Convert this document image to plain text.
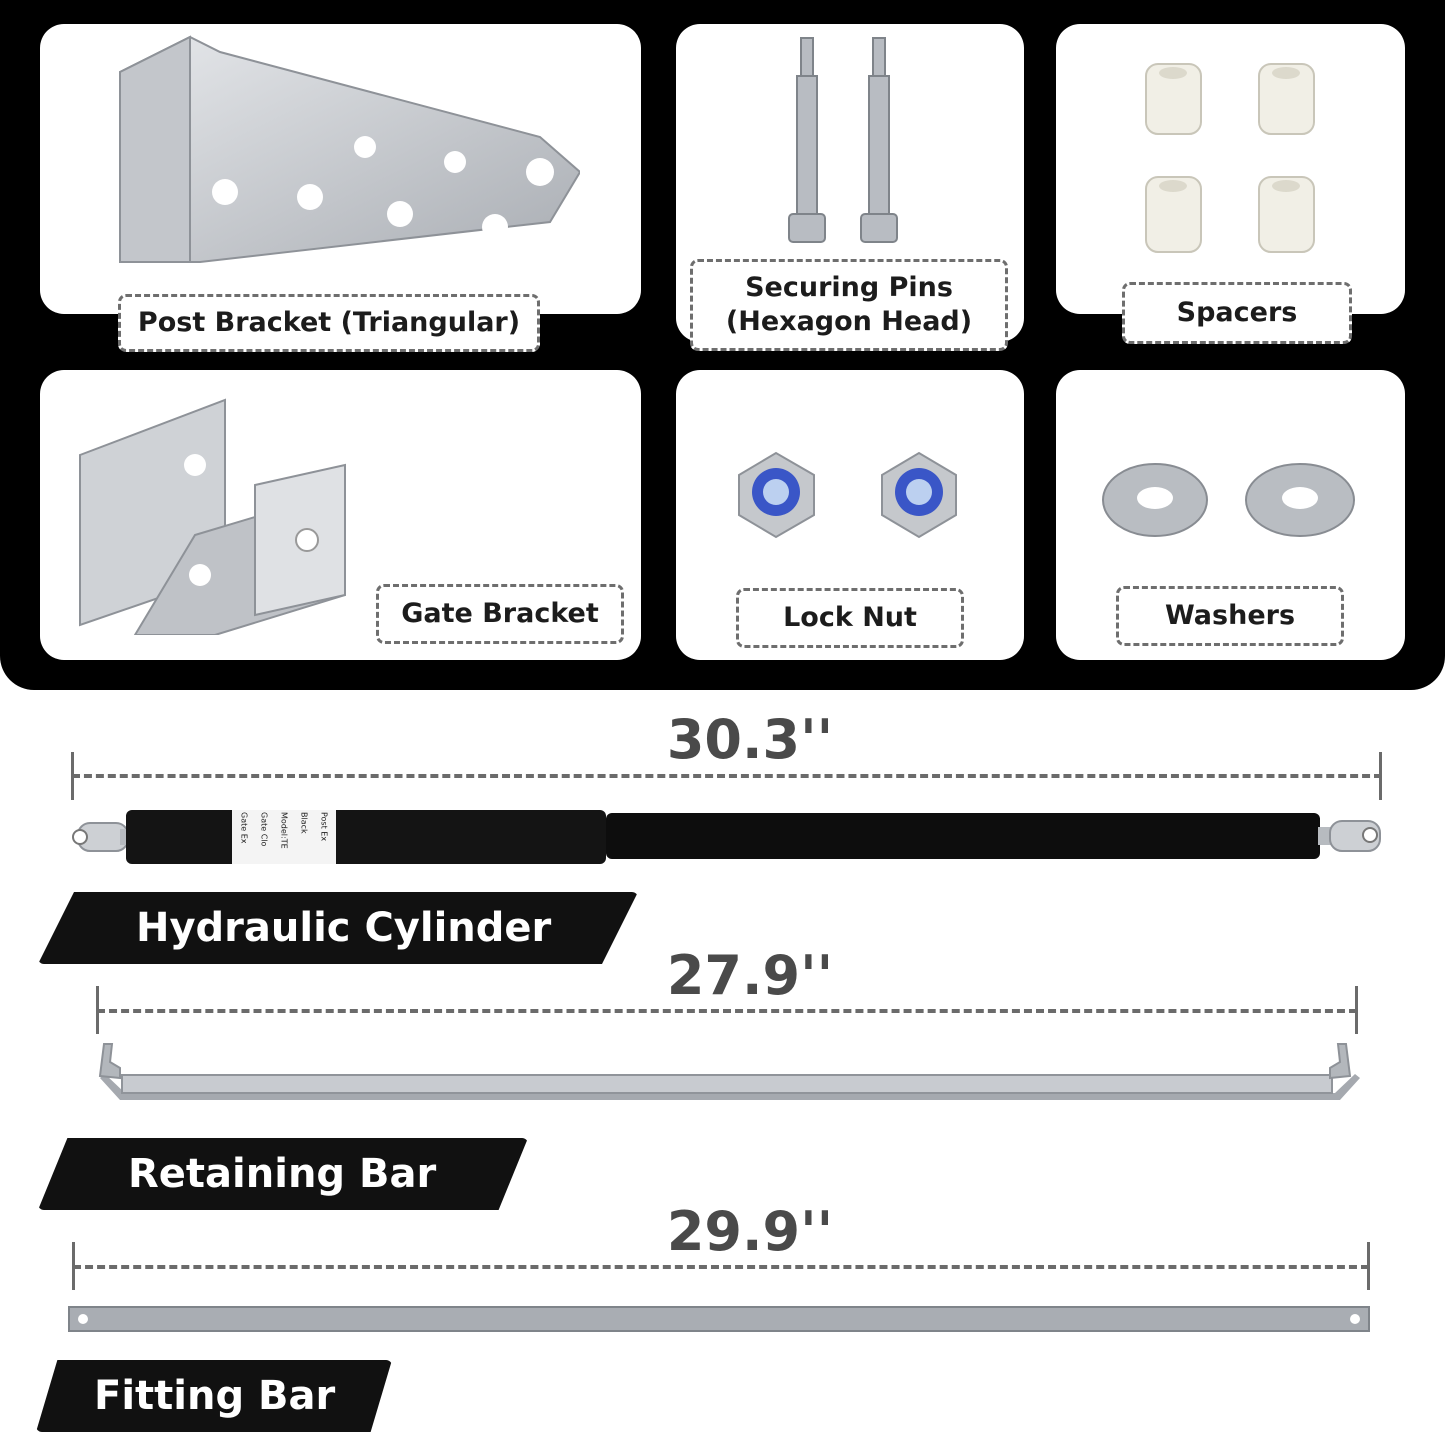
Post Bracket (Triangular)
Securing Pins
(Hexagon Head)	Spacers
Gate Bracket	Lock Nut	Washers
30.3''
Gate Ex Gate Clo Model:TE Black Post Ex
Hydraulic Cylinder
27.9''
Retaining Bar
29.9''
Fitting Bar
